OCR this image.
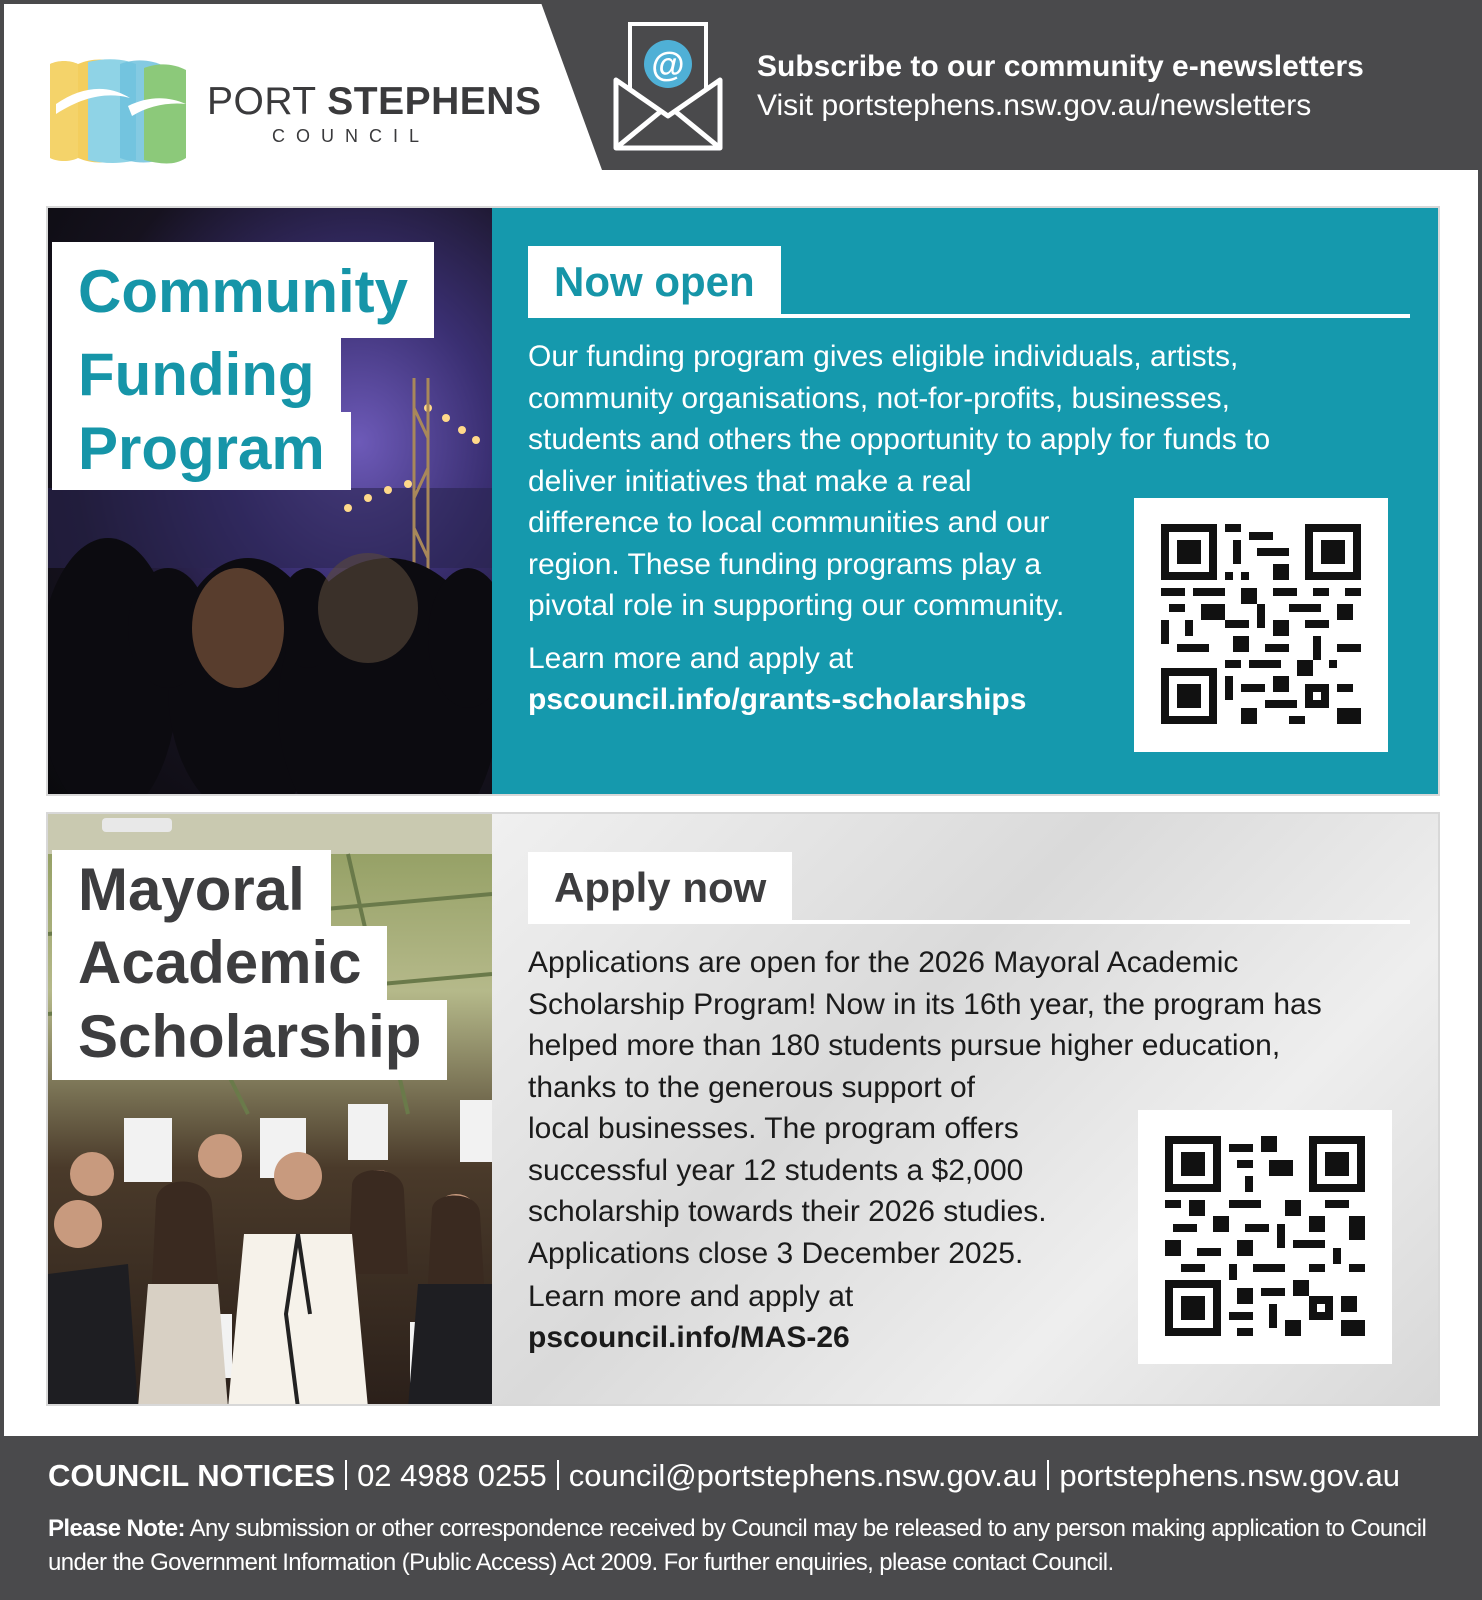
PORT STEPHENS
COUNCIL
@ Subscribe to our community e-newsletters
Visit portstephens.nsw.gov.au/newsletters
Community
Funding
Program
Now open
Our funding program gives eligible individuals, artists,
community organisations, not-for-profits, businesses,
students and others the opportunity to apply for funds to
deliver initiatives that make a real
difference to local communities and our
region. These funding programs play a
pivotal role in supporting our community.
Learn more and apply at
pscouncil.info/grants-scholarships
Mayoral
Academic
Scholarship
Apply now
Applications are open for the 2026 Mayoral Academic
Scholarship Program! Now in its 16th year, the program has
helped more than 180 students pursue higher education,
thanks to the generous support of
local businesses. The program offers
successful year 12 students a $2,000
scholarship towards their 2026 studies.
Applications close 3 December 2025.
Learn more and apply at
pscouncil.info/MAS-26
COUNCIL NOTICES 02 4988 0255 council@portstephens.nsw.gov.au portstephens.nsw.gov.au
Please Note: Any submission or other correspondence received by Council may be released to any person making application to Council under the Government Information (Public Access) Act 2009. For further enquiries, please contact Council.
